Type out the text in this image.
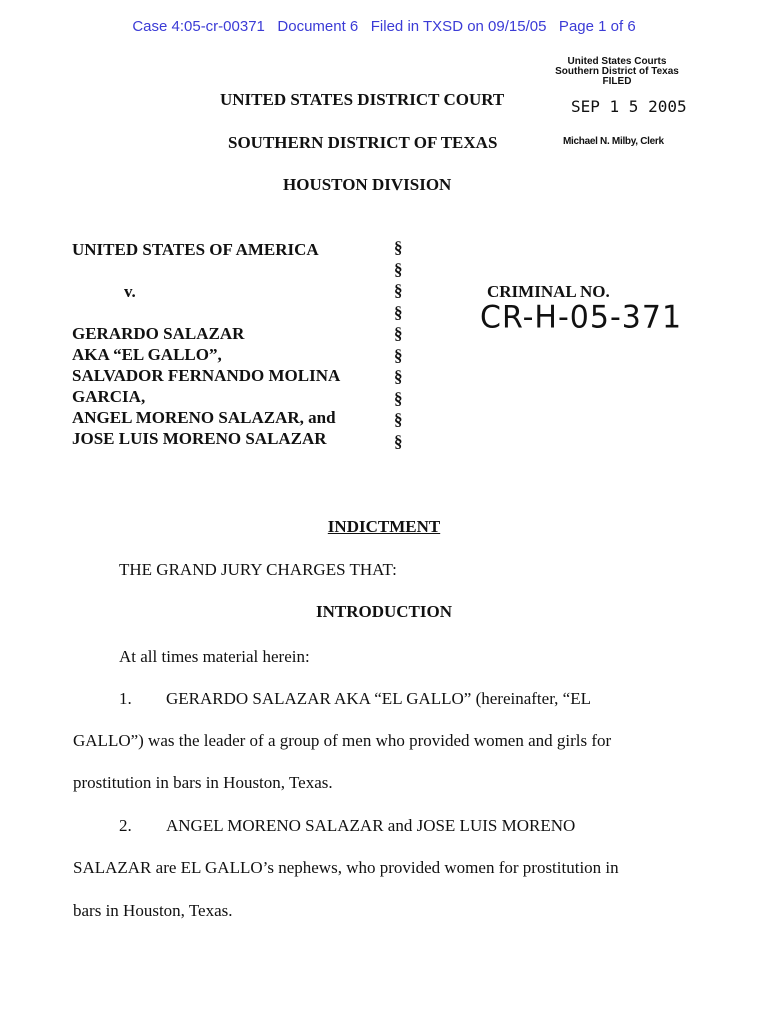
Case 4:05-cr-00371   Document 6   Filed in TXSD on 09/15/05   Page 1 of 6
United States Courts
Southern District of Texas
FILED
SEP 1 5 2005
Michael N. Milby, Clerk
UNITED STATES DISTRICT COURT
SOUTHERN DISTRICT OF TEXAS
HOUSTON DIVISION
UNITED STATES OF AMERICA
v.
GERARDO SALAZAR
AKA “EL GALLO”,
SALVADOR FERNANDO MOLINA
GARCIA,
ANGEL MORENO SALAZAR, and
JOSE LUIS MORENO SALAZAR
§
§
§
§
§
§
§
§
§
§
CRIMINAL NO.
CR-H-05-371
INDICTMENT
THE GRAND JURY CHARGES THAT:
INTRODUCTION
At all times material herein:
1. GERARDO SALAZAR AKA “EL GALLO” (hereinafter, “EL
GALLO”) was the leader of a group of men who provided women and girls for
prostitution in bars in Houston, Texas.
2. ANGEL MORENO SALAZAR and JOSE LUIS MORENO
SALAZAR are EL GALLO’s nephews, who provided women for prostitution in
bars in Houston, Texas.
